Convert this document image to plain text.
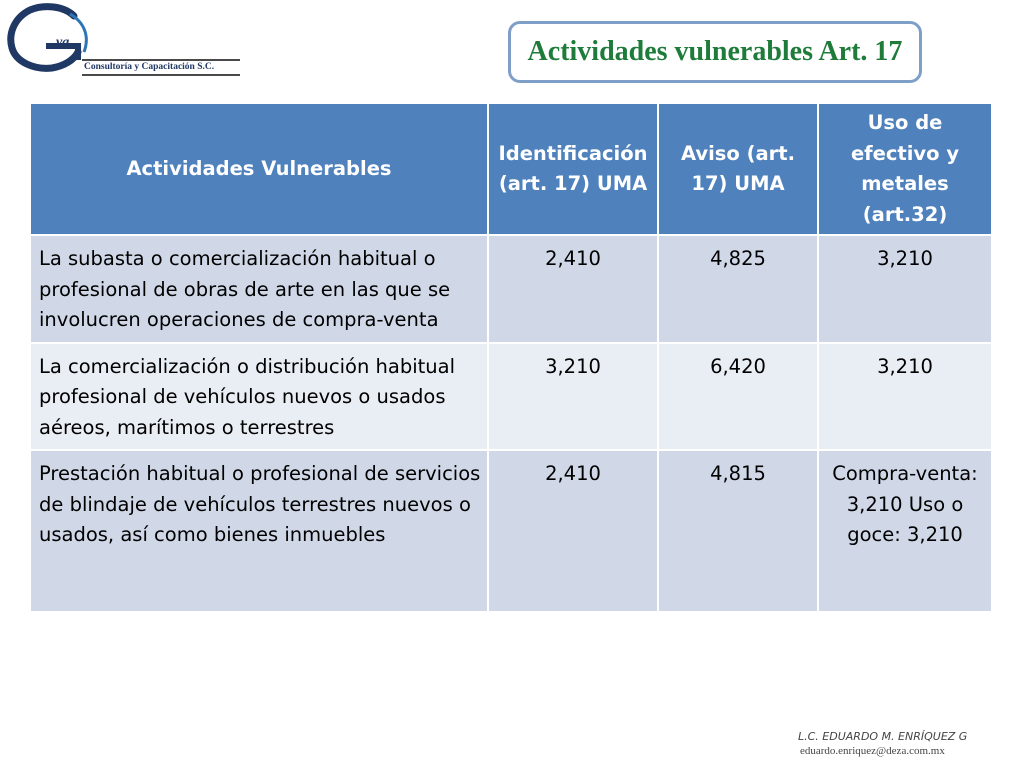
va
Consultoría y Capacitación S.C.	Actividades vulnerables Art. 17
Actividades Vulnerables	Identificación (art. 17) UMA	Aviso (art. 17) UMA	Uso de efectivo y metales (art.32)
La subasta o comercialización habitual o profesional de obras de arte en las que se involucren operaciones de compra-venta	2,410	4,825	3,210
La comercialización o distribución habitual profesional de vehículos nuevos o usados aéreos, marítimos o terrestres	3,210	6,420	3,210
Prestación habitual o profesional de servicios de blindaje de vehículos terrestres nuevos o usados, así como bienes inmuebles	2,410	4,815	Compra-venta: 3,210 Uso o goce: 3,210
L.C. EDUARDO M. ENRÍQUEZ G
eduardo.enriquez@deza.com.mx
